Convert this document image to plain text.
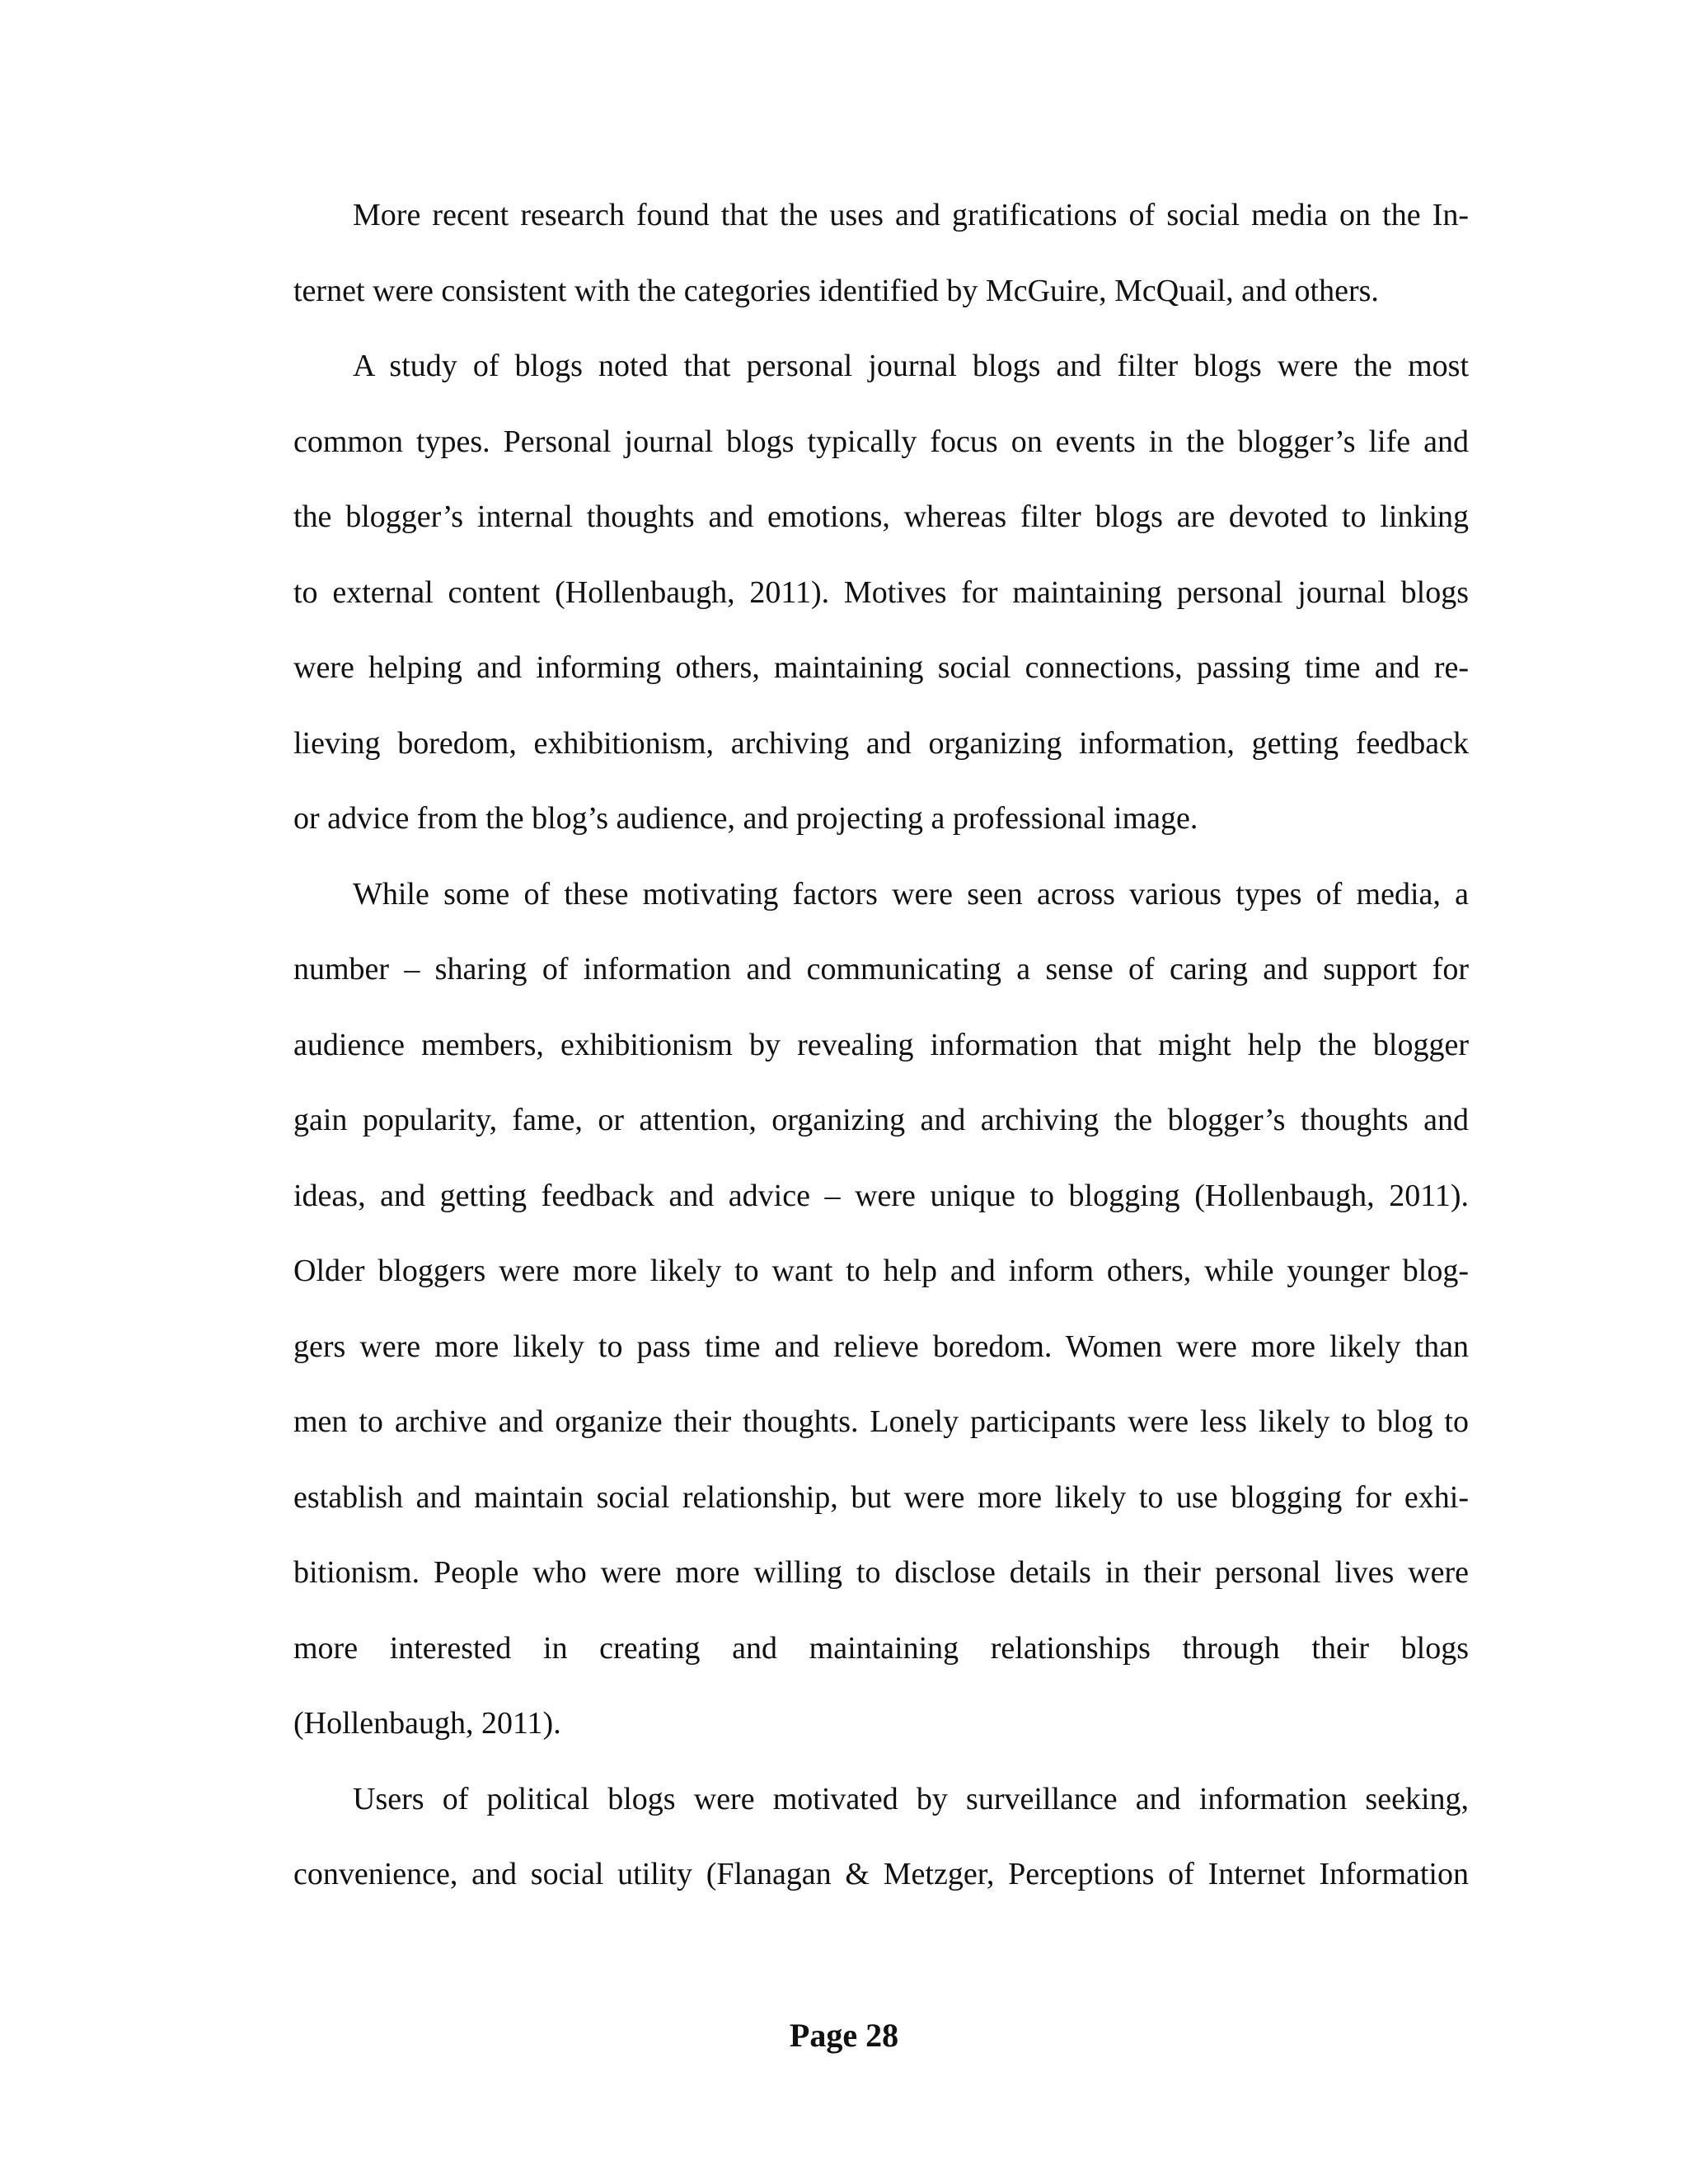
More recent research found that the uses and gratifications of social media on the In-
ternet were consistent with the categories identified by McGuire, McQuail, and others.
A study of blogs noted that personal journal blogs and filter blogs were the most
common types. Personal journal blogs typically focus on events in the blogger’s life and
the blogger’s internal thoughts and emotions, whereas filter blogs are devoted to linking
to external content (Hollenbaugh, 2011). Motives for maintaining personal journal blogs
were helping and informing others, maintaining social connections, passing time and re-
lieving boredom, exhibitionism, archiving and organizing information, getting feedback
or advice from the blog’s audience, and projecting a professional image.
While some of these motivating factors were seen across various types of media, a
number – sharing of information and communicating a sense of caring and support for
audience members, exhibitionism by revealing information that might help the blogger
gain popularity, fame, or attention, organizing and archiving the blogger’s thoughts and
ideas, and getting feedback and advice – were unique to blogging (Hollenbaugh, 2011).
Older bloggers were more likely to want to help and inform others, while younger blog-
gers were more likely to pass time and relieve boredom. Women were more likely than
men to archive and organize their thoughts. Lonely participants were less likely to blog to
establish and maintain social relationship, but were more likely to use blogging for exhi-
bitionism. People who were more willing to disclose details in their personal lives were
more interested in creating and maintaining relationships through their blogs
(Hollenbaugh, 2011).
Users of political blogs were motivated by surveillance and information seeking,
convenience, and social utility (Flanagan & Metzger, Perceptions of Internet Information
Page 28
